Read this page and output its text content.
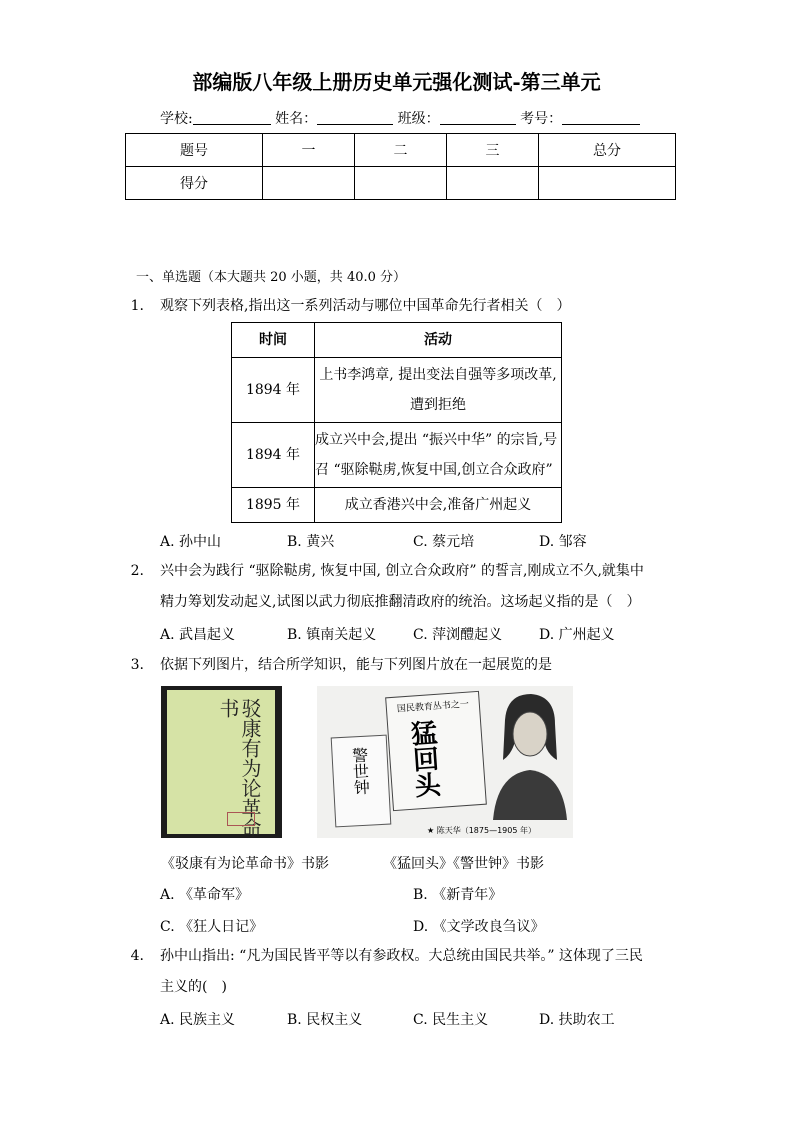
部编版八年级上册历史单元强化测试-第三单元
学校:	姓名：	班级：	考号：
题号	一	二	三	总分
得分				
一、单选题（本大题共 20 小题，共 40.0 分）
1. 观察下列表格,指出这一系列活动与哪位中国革命先行者相关（　）
时间	活动
1894 年	上书李鸿章, 提出变法自强等多项改革,
遭到拒绝

1894 年	成立兴中会,提出 “振兴中华” 的宗旨,号
召 “驱除鞑虏,恢复中国,创立合众政府”

1895 年	成立香港兴中会,准备广州起义
A. 孙中山	B. 黄兴	C. 蔡元培	D. 邹容
2. 兴中会为践行 “驱除鞑虏, 恢复中国, 创立合众政府” 的誓言,刚成立不久,就集中
精力筹划发动起义,试图以武力彻底推翻清政府的统治。这场起义指的是（　）
A. 武昌起义	B. 镇南关起义	C. 萍浏醴起义	D. 广州起义
3. 依据下列图片，结合所学知识，能与下列图片放在一起展览的是
驳康有为论革命书
警世钟
国民教育丛书之一
猛回头
★ 陈天华（1875—1905 年）
《驳康有为论革命书》书影	《猛回头》《警世钟》书影
A. 《革命军》	B. 《新青年》
C. 《狂人日记》	D. 《文学改良刍议》
4. 孙中山指出: “凡为国民皆平等以有参政权。大总统由国民共举。” 这体现了三民
主义的(　)
A. 民族主义	B. 民权主义	C. 民生主义	D. 扶助农工
